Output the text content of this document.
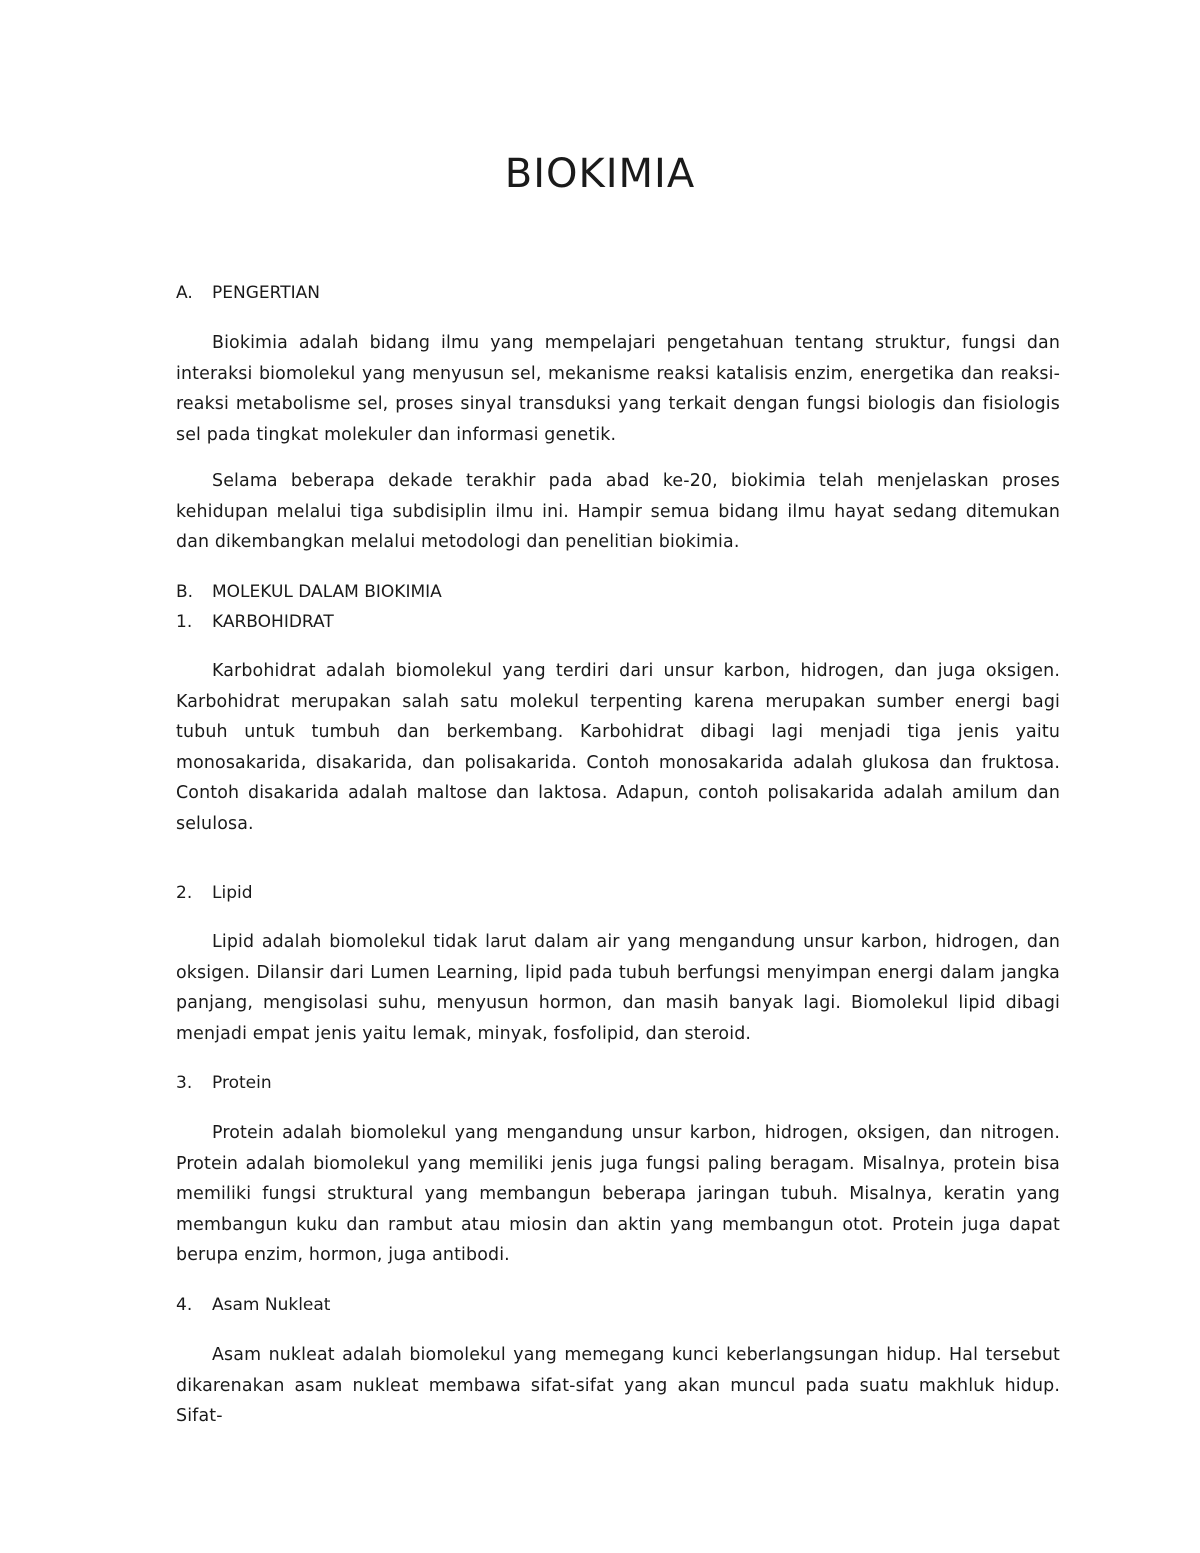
BIOKIMIA
A. PENGERTIAN

Biokimia adalah bidang ilmu yang mempelajari pengetahuan tentang struktur, fungsi dan interaksi biomolekul yang menyusun sel, mekanisme reaksi katalisis enzim, energetika dan reaksi-reaksi metabolisme sel, proses sinyal transduksi yang terkait dengan fungsi biologis dan fisiologis sel pada tingkat molekuler dan informasi genetik.

Selama beberapa dekade terakhir pada abad ke-20, biokimia telah menjelaskan proses kehidupan melalui tiga subdisiplin ilmu ini. Hampir semua bidang ilmu hayat sedang ditemukan dan dikembangkan melalui metodologi dan penelitian biokimia.

B. MOLEKUL DALAM BIOKIMIA
1. KARBOHIDRAT

Karbohidrat adalah biomolekul yang terdiri dari unsur karbon, hidrogen, dan juga oksigen. Karbohidrat merupakan salah satu molekul terpenting karena merupakan sumber energi bagi tubuh untuk tumbuh dan berkembang. Karbohidrat dibagi lagi menjadi tiga jenis yaitu monosakarida, disakarida, dan polisakarida. Contoh monosakarida adalah glukosa dan fruktosa. Contoh disakarida adalah maltose dan laktosa. Adapun, contoh polisakarida adalah amilum dan selulosa.

2. Lipid

Lipid adalah biomolekul tidak larut dalam air yang mengandung unsur karbon, hidrogen, dan oksigen. Dilansir dari Lumen Learning, lipid pada tubuh berfungsi menyimpan energi dalam jangka panjang, mengisolasi suhu, menyusun hormon, dan masih banyak lagi. Biomolekul lipid dibagi menjadi empat jenis yaitu lemak, minyak, fosfolipid, dan steroid.

3. Protein

Protein adalah biomolekul yang mengandung unsur karbon, hidrogen, oksigen, dan nitrogen. Protein adalah biomolekul yang memiliki jenis juga fungsi paling beragam. Misalnya, protein bisa memiliki fungsi struktural yang membangun beberapa jaringan tubuh. Misalnya, keratin yang membangun kuku dan rambut atau miosin dan aktin yang membangun otot. Protein juga dapat berupa enzim, hormon, juga antibodi.

4. Asam Nukleat

Asam nukleat adalah biomolekul yang memegang kunci keberlangsungan hidup. Hal tersebut dikarenakan asam nukleat membawa sifat-sifat yang akan muncul pada suatu makhluk hidup. Sifat-
